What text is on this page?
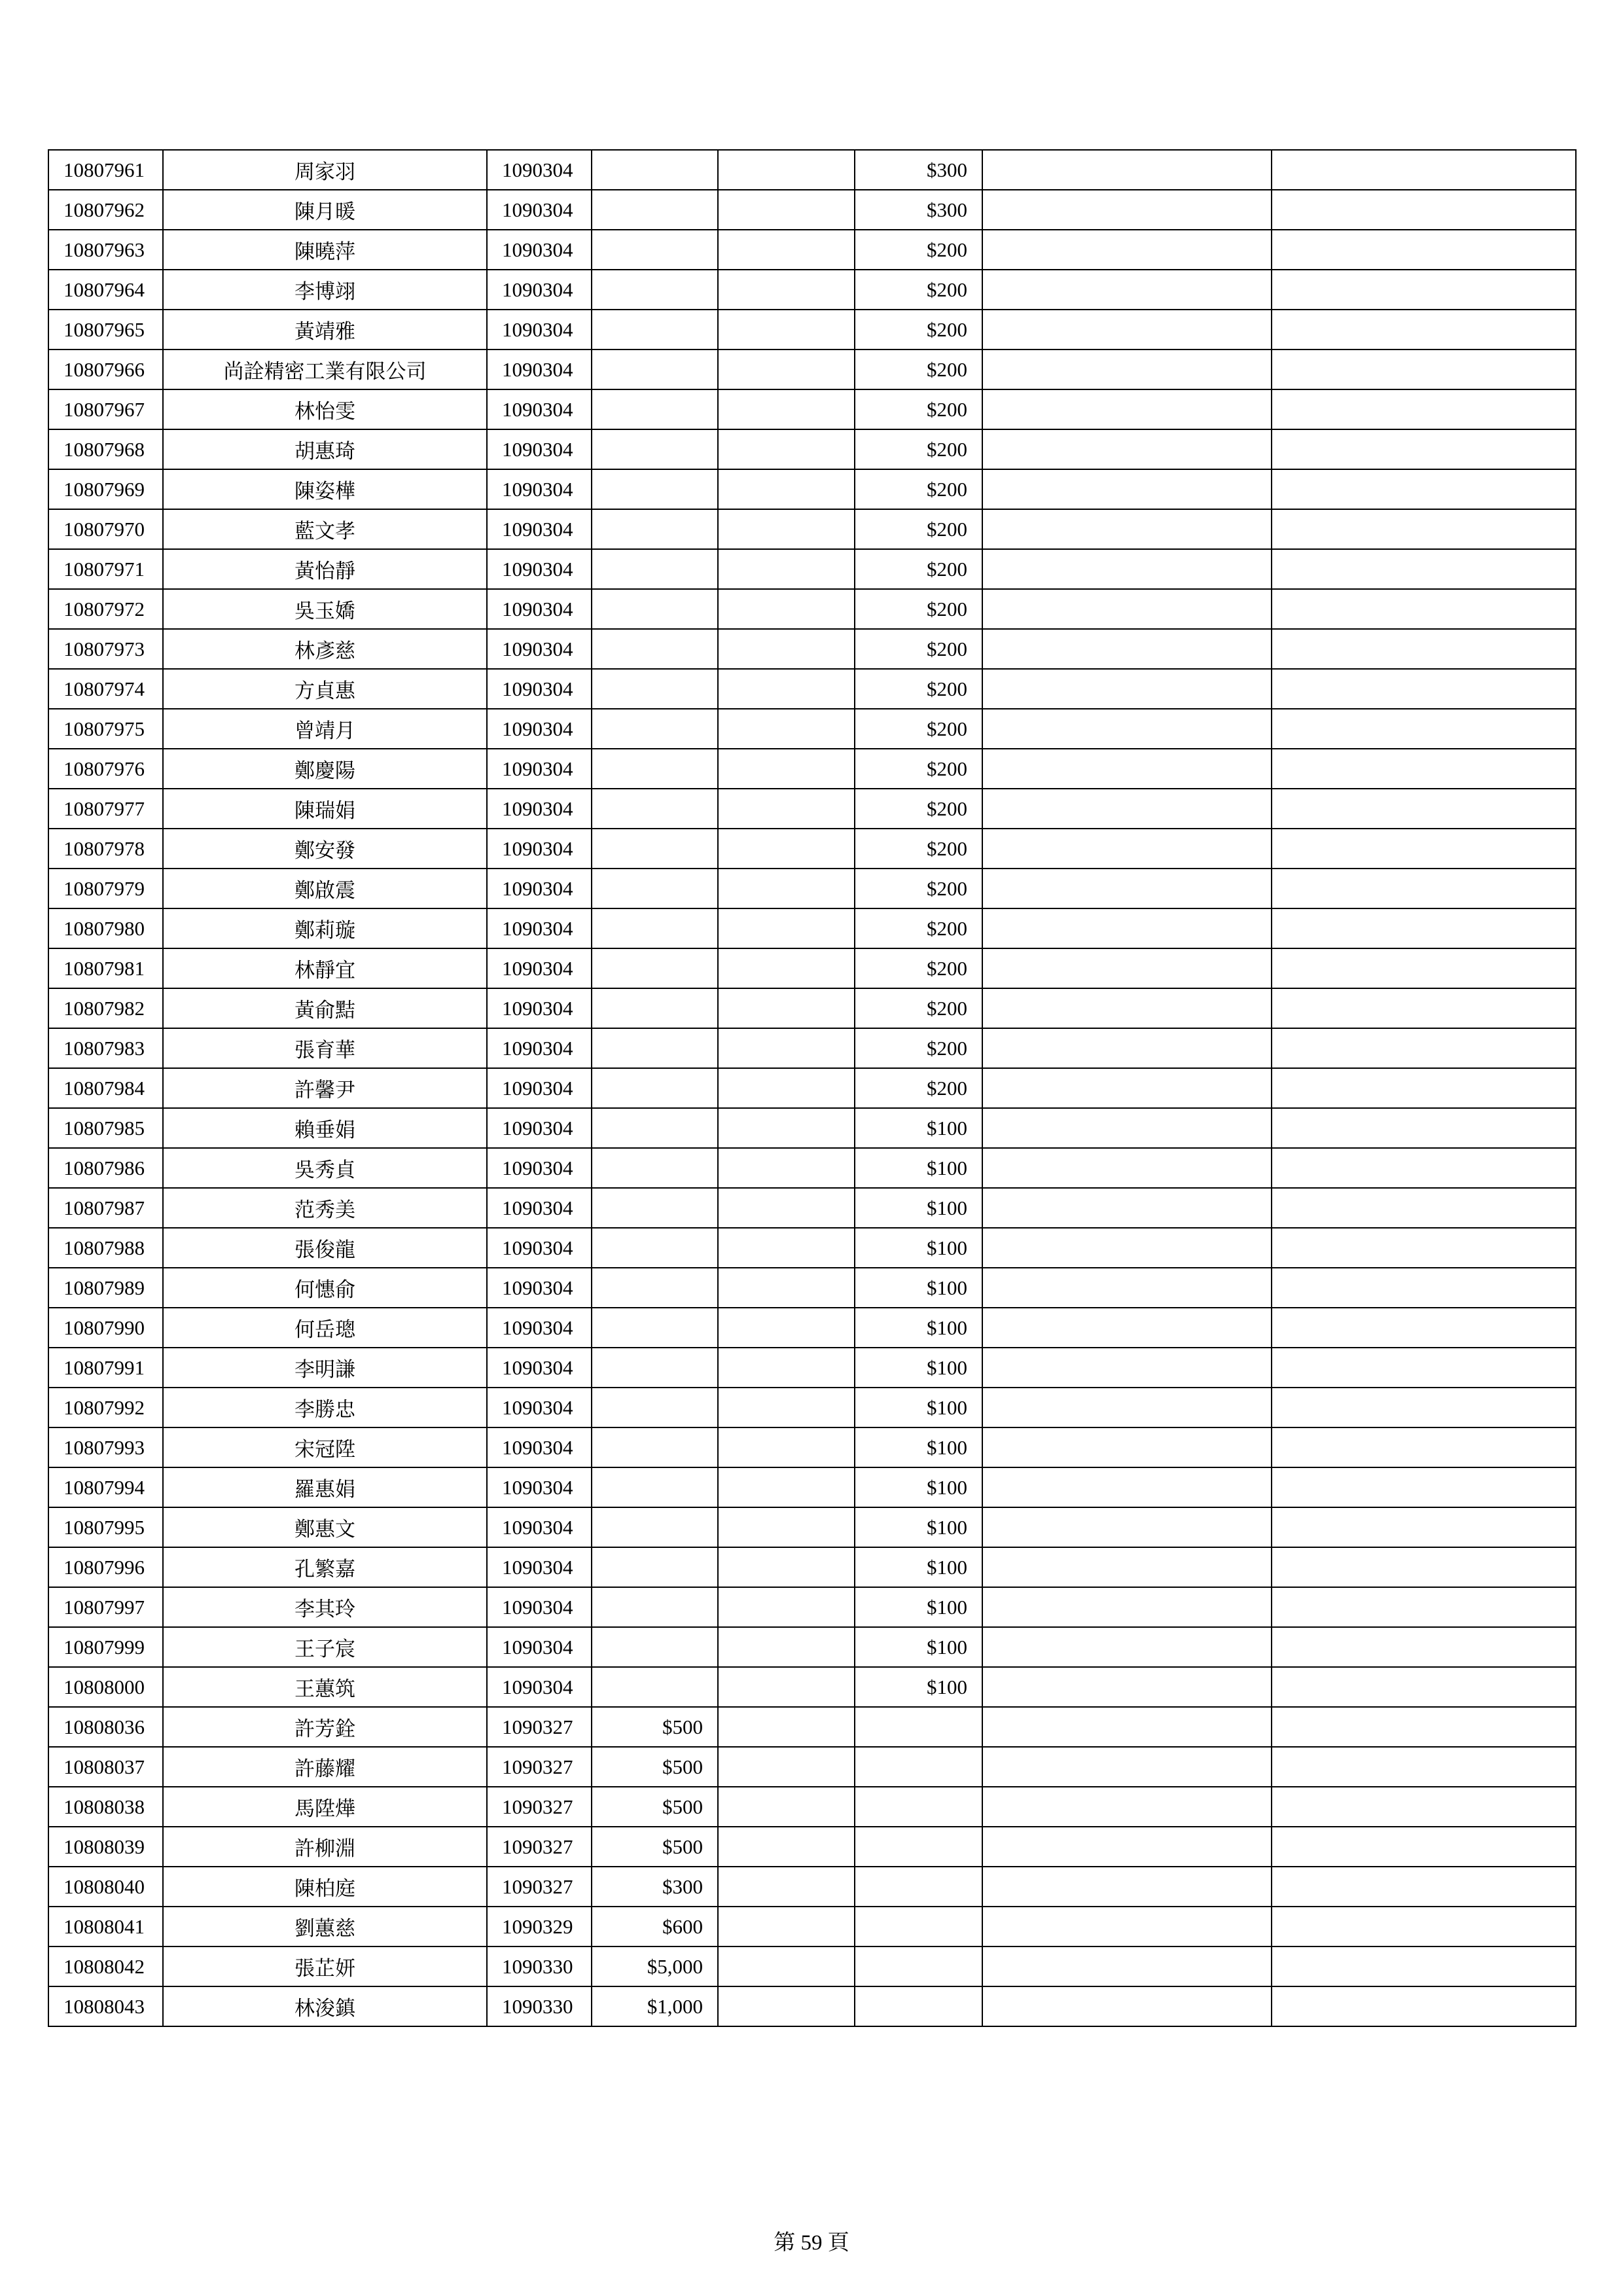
10807961	周家羽	1090304			$300		
10807962	陳月暖	1090304			$300		
10807963	陳曉萍	1090304			$200		
10807964	李博翊	1090304			$200		
10807965	黃靖雅	1090304			$200		
10807966	尚詮精密工業有限公司	1090304			$200		
10807967	林怡雯	1090304			$200		
10807968	胡惠琦	1090304			$200		
10807969	陳姿樺	1090304			$200		
10807970	藍文孝	1090304			$200		
10807971	黃怡靜	1090304			$200		
10807972	吳玉嬌	1090304			$200		
10807973	林彥慈	1090304			$200		
10807974	方貞惠	1090304			$200		
10807975	曾靖月	1090304			$200		
10807976	鄭慶陽	1090304			$200		
10807977	陳瑞娟	1090304			$200		
10807978	鄭安發	1090304			$200		
10807979	鄭啟震	1090304			$200		
10807980	鄭莉璇	1090304			$200		
10807981	林靜宜	1090304			$200		
10807982	黃俞黠	1090304			$200		
10807983	張育華	1090304			$200		
10807984	許馨尹	1090304			$200		
10807985	賴垂娟	1090304			$100		
10807986	吳秀貞	1090304			$100		
10807987	范秀美	1090304			$100		
10807988	張俊龍	1090304			$100		
10807989	何憓俞	1090304			$100		
10807990	何岳璁	1090304			$100		
10807991	李明謙	1090304			$100		
10807992	李勝忠	1090304			$100		
10807993	宋冠陞	1090304			$100		
10807994	羅惠娟	1090304			$100		
10807995	鄭惠文	1090304			$100		
10807996	孔繁嘉	1090304			$100		
10807997	李其玲	1090304			$100		
10807999	王子宸	1090304			$100		
10808000	王蕙筑	1090304			$100		
10808036	許芳銓	1090327	$500				
10808037	許藤耀	1090327	$500				
10808038	馬陞燁	1090327	$500				
10808039	許柳淵	1090327	$500				
10808040	陳柏庭	1090327	$300				
10808041	劉蕙慈	1090329	$600				
10808042	張芷妍	1090330	$5,000				
10808043	林浚鎮	1090330	$1,000				
第 59 頁
